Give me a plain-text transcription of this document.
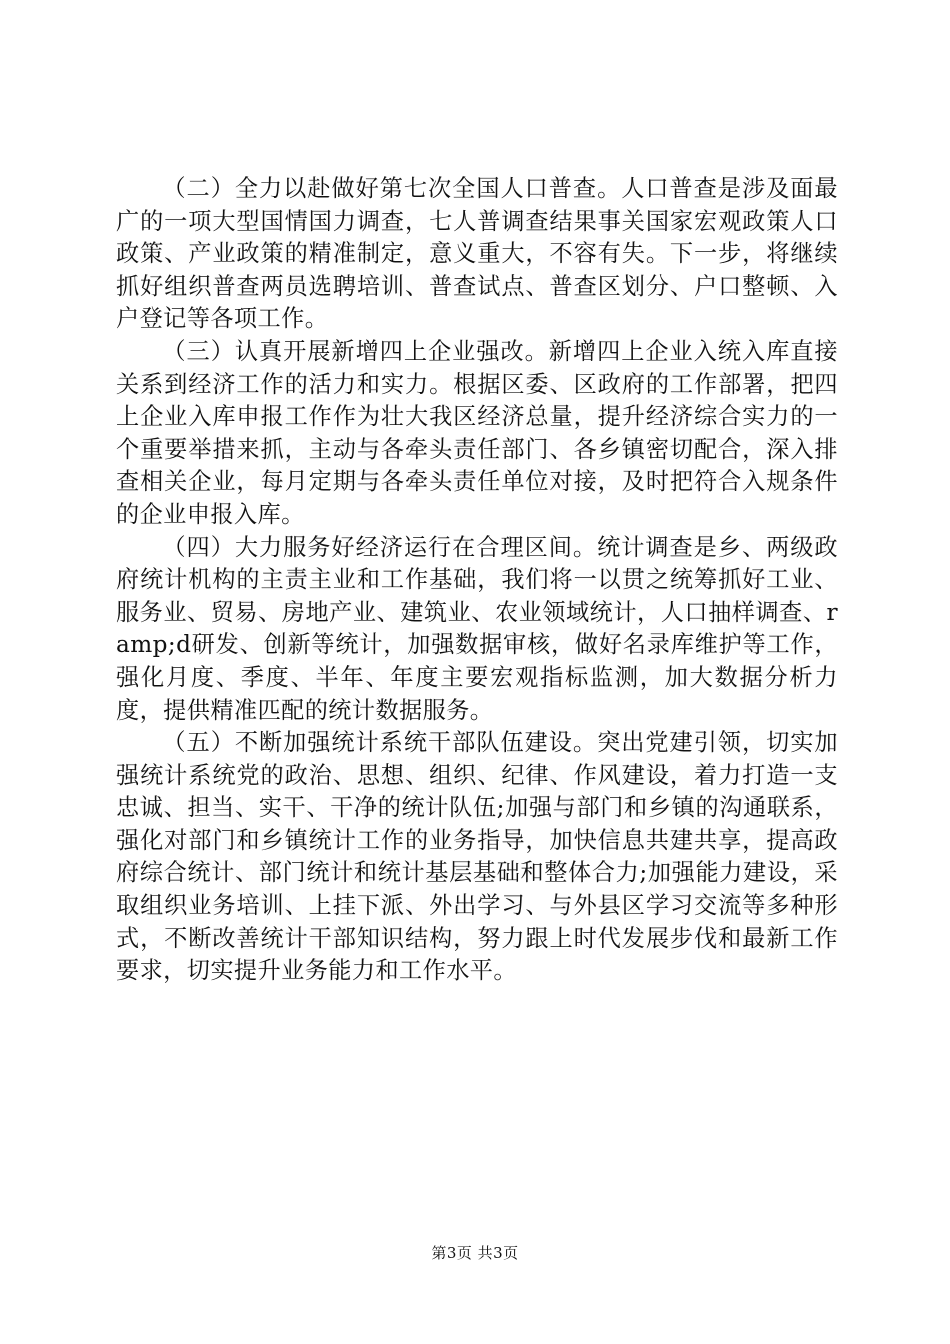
（二）全力以赴做好第七次全国人口普查。人口普查是涉及面最广的一项大型国情国力调查，七人普调查结果事关国家宏观政策人口政策、产业政策的精准制定，意义重大，不容有失。下一步，将继续抓好组织普查两员选聘培训、普查试点、普查区划分、户口整顿、入户登记等各项工作。

（三）认真开展新增四上企业强改。新增四上企业入统入库直接关系到经济工作的活力和实力。根据区委、区政府的工作部署，把四上企业入库申报工作作为壮大我区经济总量，提升经济综合实力的一个重要举措来抓，主动与各牵头责任部门、各乡镇密切配合，深入排查相关企业，每月定期与各牵头责任单位对接，及时把符合入规条件的企业申报入库。

（四）大力服务好经济运行在合理区间。统计调查是乡、两级政府统计机构的主责主业和工作基础，我们将一以贯之统筹抓好工业、服务业、贸易、房地产业、建筑业、农业领域统计，人口抽样调查、ramp;d研发、创新等统计，加强数据审核，做好名录库维护等工作，强化月度、季度、半年、年度主要宏观指标监测，加大数据分析力度，提供精准匹配的统计数据服务。

（五）不断加强统计系统干部队伍建设。突出党建引领，切实加强统计系统党的政治、思想、组织、纪律、作风建设，着力打造一支忠诚、担当、实干、干净的统计队伍;加强与部门和乡镇的沟通联系，强化对部门和乡镇统计工作的业务指导，加快信息共建共享，提高政府综合统计、部门统计和统计基层基础和整体合力;加强能力建设，采取组织业务培训、上挂下派、外出学习、与外县区学习交流等多种形式，不断改善统计干部知识结构，努力跟上时代发展步伐和最新工作要求，切实提升业务能力和工作水平。

第3页 共3页
